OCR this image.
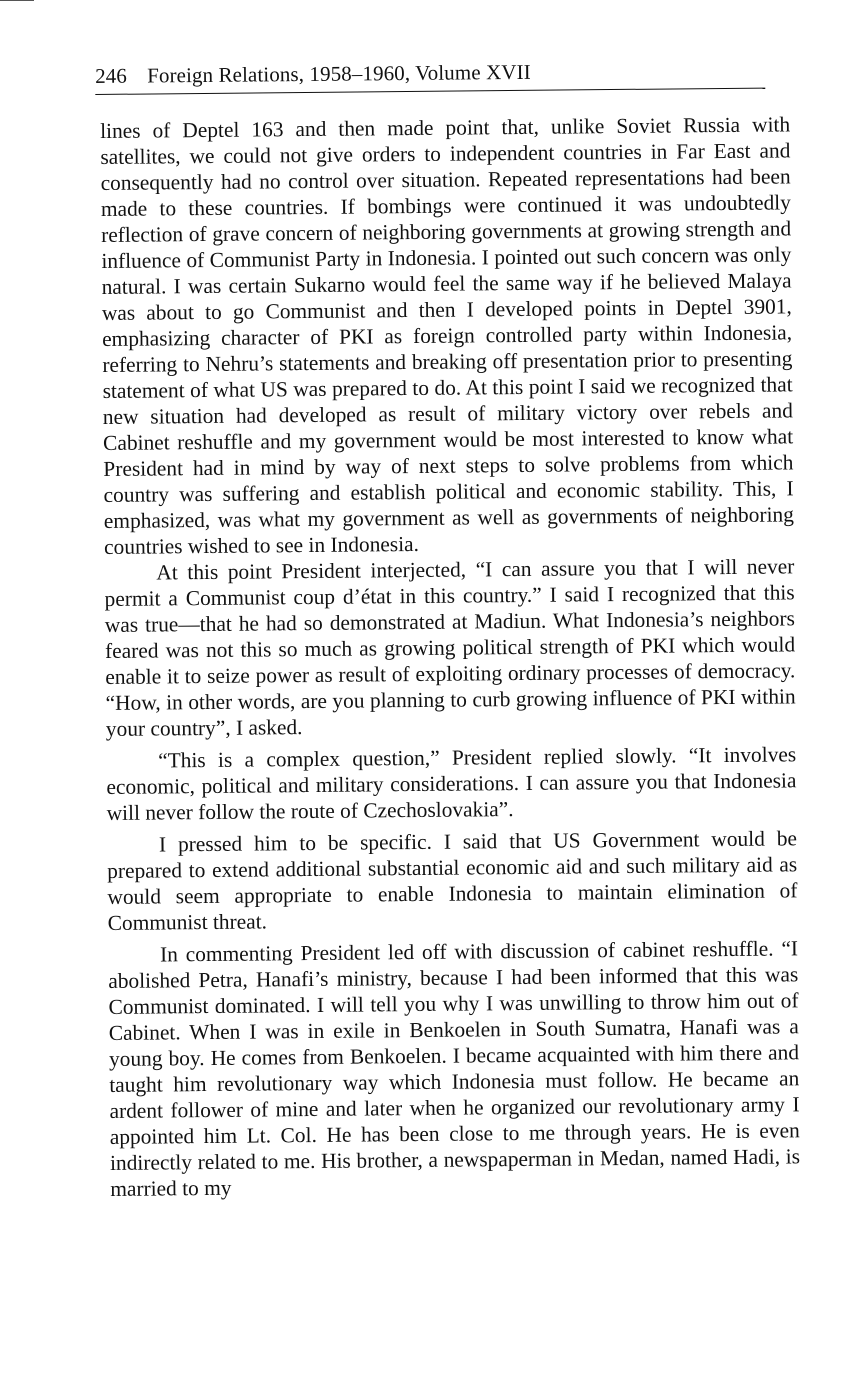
246 Foreign Relations, 1958–1960, Volume XVII

lines of Deptel 163 and then made point that, unlike Soviet Russia with satellites, we could not give orders to independent countries in Far East and consequently had no control over situation. Repeated representations had been made to these countries. If bombings were continued it was undoubtedly reflection of grave concern of neighboring governments at growing strength and influence of Communist Party in Indonesia. I pointed out such concern was only natural. I was certain Sukarno would feel the same way if he believed Malaya was about to go Communist and then I developed points in Deptel 3901, emphasizing character of PKI as foreign controlled party within Indonesia, referring to Nehru’s statements and breaking off presentation prior to presenting statement of what US was prepared to do. At this point I said we recognized that new situation had developed as result of military victory over rebels and Cabinet reshuffle and my government would be most interested to know what President had in mind by way of next steps to solve problems from which country was suffering and establish political and economic stability. This, I emphasized, was what my government as well as governments of neighboring countries wished to see in Indonesia.

At this point President interjected, “I can assure you that I will never permit a Communist coup d’état in this country.” I said I recognized that this was true—that he had so demonstrated at Madiun. What Indonesia’s neighbors feared was not this so much as growing political strength of PKI which would enable it to seize power as result of exploiting ordinary processes of democracy. “How, in other words, are you planning to curb growing influence of PKI within your country”, I asked.

“This is a complex question,” President replied slowly. “It involves economic, political and military considerations. I can assure you that Indonesia will never follow the route of Czechoslovakia”.

I pressed him to be specific. I said that US Government would be prepared to extend additional substantial economic aid and such military aid as would seem appropriate to enable Indonesia to maintain elimination of Communist threat.

In commenting President led off with discussion of cabinet reshuffle. “I abolished Petra, Hanafi’s ministry, because I had been informed that this was Communist dominated. I will tell you why I was unwilling to throw him out of Cabinet. When I was in exile in Benkoelen in South Sumatra, Hanafi was a young boy. He comes from Benkoelen. I became acquainted with him there and taught him revolutionary way which Indonesia must follow. He became an ardent follower of mine and later when he organized our revolutionary army I appointed him Lt. Col. He has been close to me through years. He is even indirectly related to me. His brother, a newspaperman in Medan, named Hadi, is married to my
